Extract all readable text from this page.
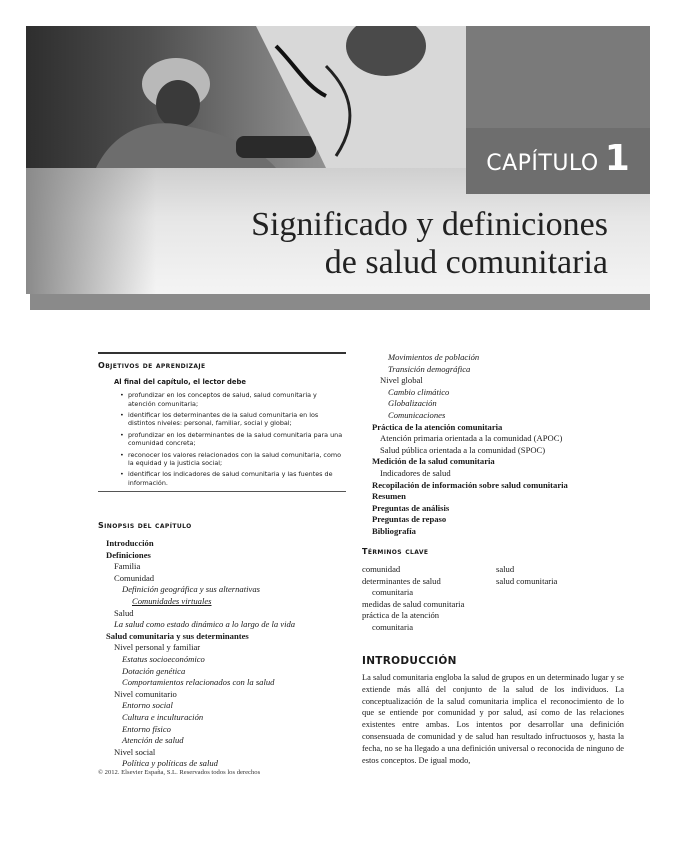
Significado y definiciones
de salud comunitaria
CAPÍTULO 1
Objetivos de aprendizaje
Al final del capítulo, el lector debe
• profundizar en los conceptos de salud, salud comunitaria y atención comunitaria;
• identificar los determinantes de la salud comunitaria en los distintos niveles: personal, familiar, social y global;
• profundizar en los determinantes de la salud comunitaria para una comunidad concreta;
• reconocer los valores relacionados con la salud comunitaria, como la equidad y la justicia social;
• identificar los indicadores de salud comunitaria y las fuentes de información.
Sinopsis del capítulo
Introducción
Definiciones
Familia
Comunidad
Definición geográfica y sus alternativas
Comunidades virtuales
Salud
La salud como estado dinámico a lo largo de la vida
Salud comunitaria y sus determinantes
Nivel personal y familiar
Estatus socioeconómico
Dotación genética
Comportamientos relacionados con la salud
Nivel comunitario
Entorno social
Cultura e inculturación
Entorno físico
Atención de salud
Nivel social
Política y políticas de salud
Movimientos de población
Transición demográfica
Nivel global
Cambio climático
Globalización
Comunicaciones
Práctica de la atención comunitaria
Atención primaria orientada a la comunidad (APOC)
Salud pública orientada a la comunidad (SPOC)
Medición de la salud comunitaria
Indicadores de salud
Recopilación de información sobre salud comunitaria
Resumen
Preguntas de análisis
Preguntas de repaso
Bibliografía
Términos clave
comunidad
determinantes de salud
comunitaria
medidas de salud comunitaria
práctica de la atención
comunitaria
salud
salud comunitaria
INTRODUCCIÓN
La salud comunitaria engloba la salud de grupos en un determinado lugar y se extiende más allá del conjunto de la salud de los individuos. La conceptualización de la salud comunitaria implica el reconocimiento de lo que se entiende por comunidad y por salud, así como de las relaciones existentes entre ambas. Los intentos por desarrollar una definición consensuada de comunidad y de salud han resultado infructuosos y, hasta la fecha, no se ha llegado a una definición universal o reconocida de ninguno de estos conceptos. De igual modo,
© 2012. Elsevier España, S.L. Reservados todos los derechos
